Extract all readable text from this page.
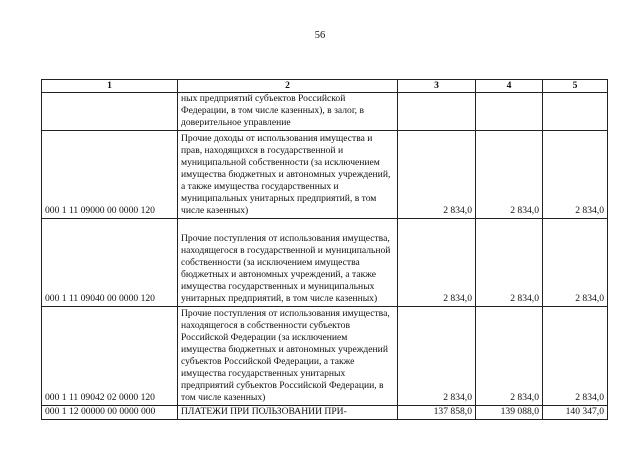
56
1	2	3	4	5
	ных предприятий субъектов Российской Федерации, в том числе казенных), в залог, в доверительное управление			
000 1 11 09000 00 0000 120	Прочие доходы от использования имущества и прав, находящихся в государственной и муниципальной собственности (за исключением имущества бюджетных и автономных учреждений, а также имущества государственных и муниципальных унитарных предприятий, в том числе казенных)	2 834,0	2 834,0	2 834,0
000 1 11 09040 00 0000 120	Прочие поступления от использования имущества, находящегося в государственной и муниципальной собственности (за исключением имущества бюджетных и автономных учреждений, а также имущества государственных и муниципальных унитарных предприятий, в том числе казенных)	2 834,0	2 834,0	2 834,0
000 1 11 09042 02 0000 120	Прочие поступления от использования имущества, находящегося в собственности субъектов Российской Федерации (за исключением имущества бюджетных и автономных учреждений субъектов Российской Федерации, а также имущества государственных унитарных предприятий субъектов Российской Федерации, в том числе казенных)	2 834,0	2 834,0	2 834,0
000 1 12 00000 00 0000 000	ПЛАТЕЖИ ПРИ ПОЛЬЗОВАНИИ ПРИ-	137 858,0	139 088,0	140 347,0
